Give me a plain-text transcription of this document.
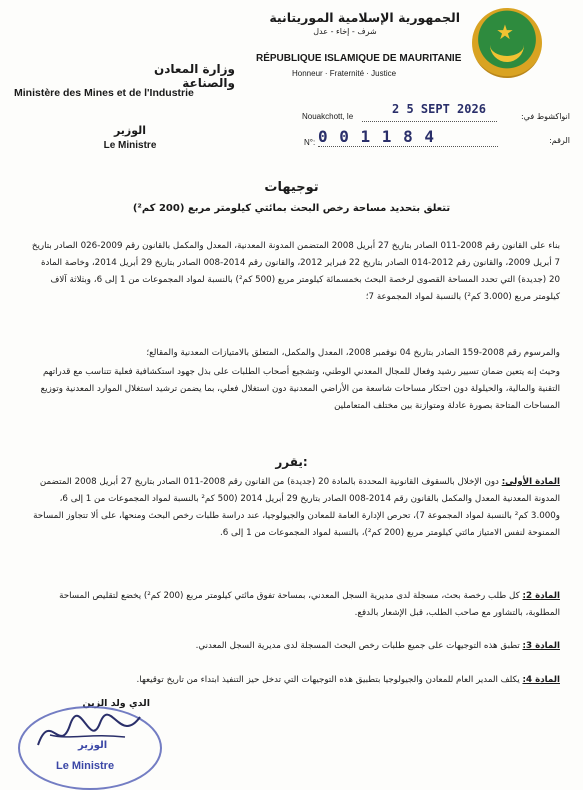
الجمهورية الإسلامية الموريتانية
شرف - إخاء - عدل	★
RÉPUBLIQUE ISLAMIQUE DE MAURITANIE
Honneur · Fraternité · Justice
وزارة المعادن والصناعة
Ministère des Mines et de l'Industrie
Nouakchott, le
2 5 SEPT 2026
انواكشوط في:
الوزير
Le Ministre	N°: 0 0 1 1 8 4	الرقم:
توجيهات
تتعلق بتحديد مساحة رخص البحث بمائتي كيلومتر مربع (200 كم²)
بناء على القانون رقم 2008-011 الصادر بتاريخ 27 أبريل 2008 المتضمن المدونة المعدنية، المعدل والمكمل بالقانون رقم 2009-026 الصادر بتاريخ 7 أبريل 2009، والقانون رقم 2012-014 الصادر بتاريخ 22 فبراير 2012، والقانون رقم 2014-008 الصادر بتاريخ 29 أبريل 2014، وخاصة المادة 20 (جديدة) التي تحدد المساحة القصوى لرخصة البحث بخمسمائة كيلومتر مربع (500 كم²) بالنسبة لمواد المجموعات من 1 إلى 6، وبثلاثة آلاف كيلومتر مربع (3.000 كم²) بالنسبة لمواد المجموعة 7؛
والمرسوم رقم 2008-159 الصادر بتاريخ 04 نوفمبر 2008، المعدل والمكمل، المتعلق بالامتيازات المعدنية والمقالع؛
وحيث إنه يتعين ضمان تسيير رشيد وفعال للمجال المعدني الوطني، وتشجيع أصحاب الطلبات على بذل جهود استكشافية فعلية تتناسب مع قدراتهم التقنية والمالية، والحيلولة دون احتكار مساحات شاسعة من الأراضي المعدنية دون استغلال فعلي، بما يضمن ترشيد استغلال الموارد المعدنية وتوزيع المساحات المتاحة بصورة عادلة ومتوازنة بين مختلف المتعاملين
يقرر:
المادة الأولى: دون الإخلال بالسقوف القانونية المحددة بالمادة 20 (جديدة) من القانون رقم 2008-011 الصادر بتاريخ 27 أبريل 2008 المتضمن المدونة المعدنية المعدل والمكمل بالقانون رقم 2014-008 الصادر بتاريخ 29 أبريل 2014 (500 كم² بالنسبة لمواد المجموعات من 1 إلى 6، و3.000 كم² بالنسبة لمواد المجموعة 7)، تحرص الإدارة العامة للمعادن والجيولوجيا، عند دراسة طلبات رخص البحث ومنحها، على ألا تتجاوز المساحة الممنوحة لنفس الامتياز مائتي كيلومتر مربع (200 كم²)، بالنسبة لمواد المجموعات من 1 إلى 6.
المادة 2: كل طلب رخصة بحث، مسجلة لدى مديرية السجل المعدني، بمساحة تفوق مائتي كيلومتر مربع (200 كم²) يخضع لتقليص المساحة المطلوبة، بالتشاور مع صاحب الطلب، قبل الإشعار بالدفع.
المادة 3: تطبق هذه التوجيهات على جميع طلبات رخص البحث المسجلة لدى مديرية السجل المعدني.
المادة 4: يكلف المدير العام للمعادن والجيولوجيا بتطبيق هذه التوجيهات التي تدخل حيز التنفيذ ابتداء من تاريخ توقيعها.
الدي ولد الزين
الوزير
Le Ministre
